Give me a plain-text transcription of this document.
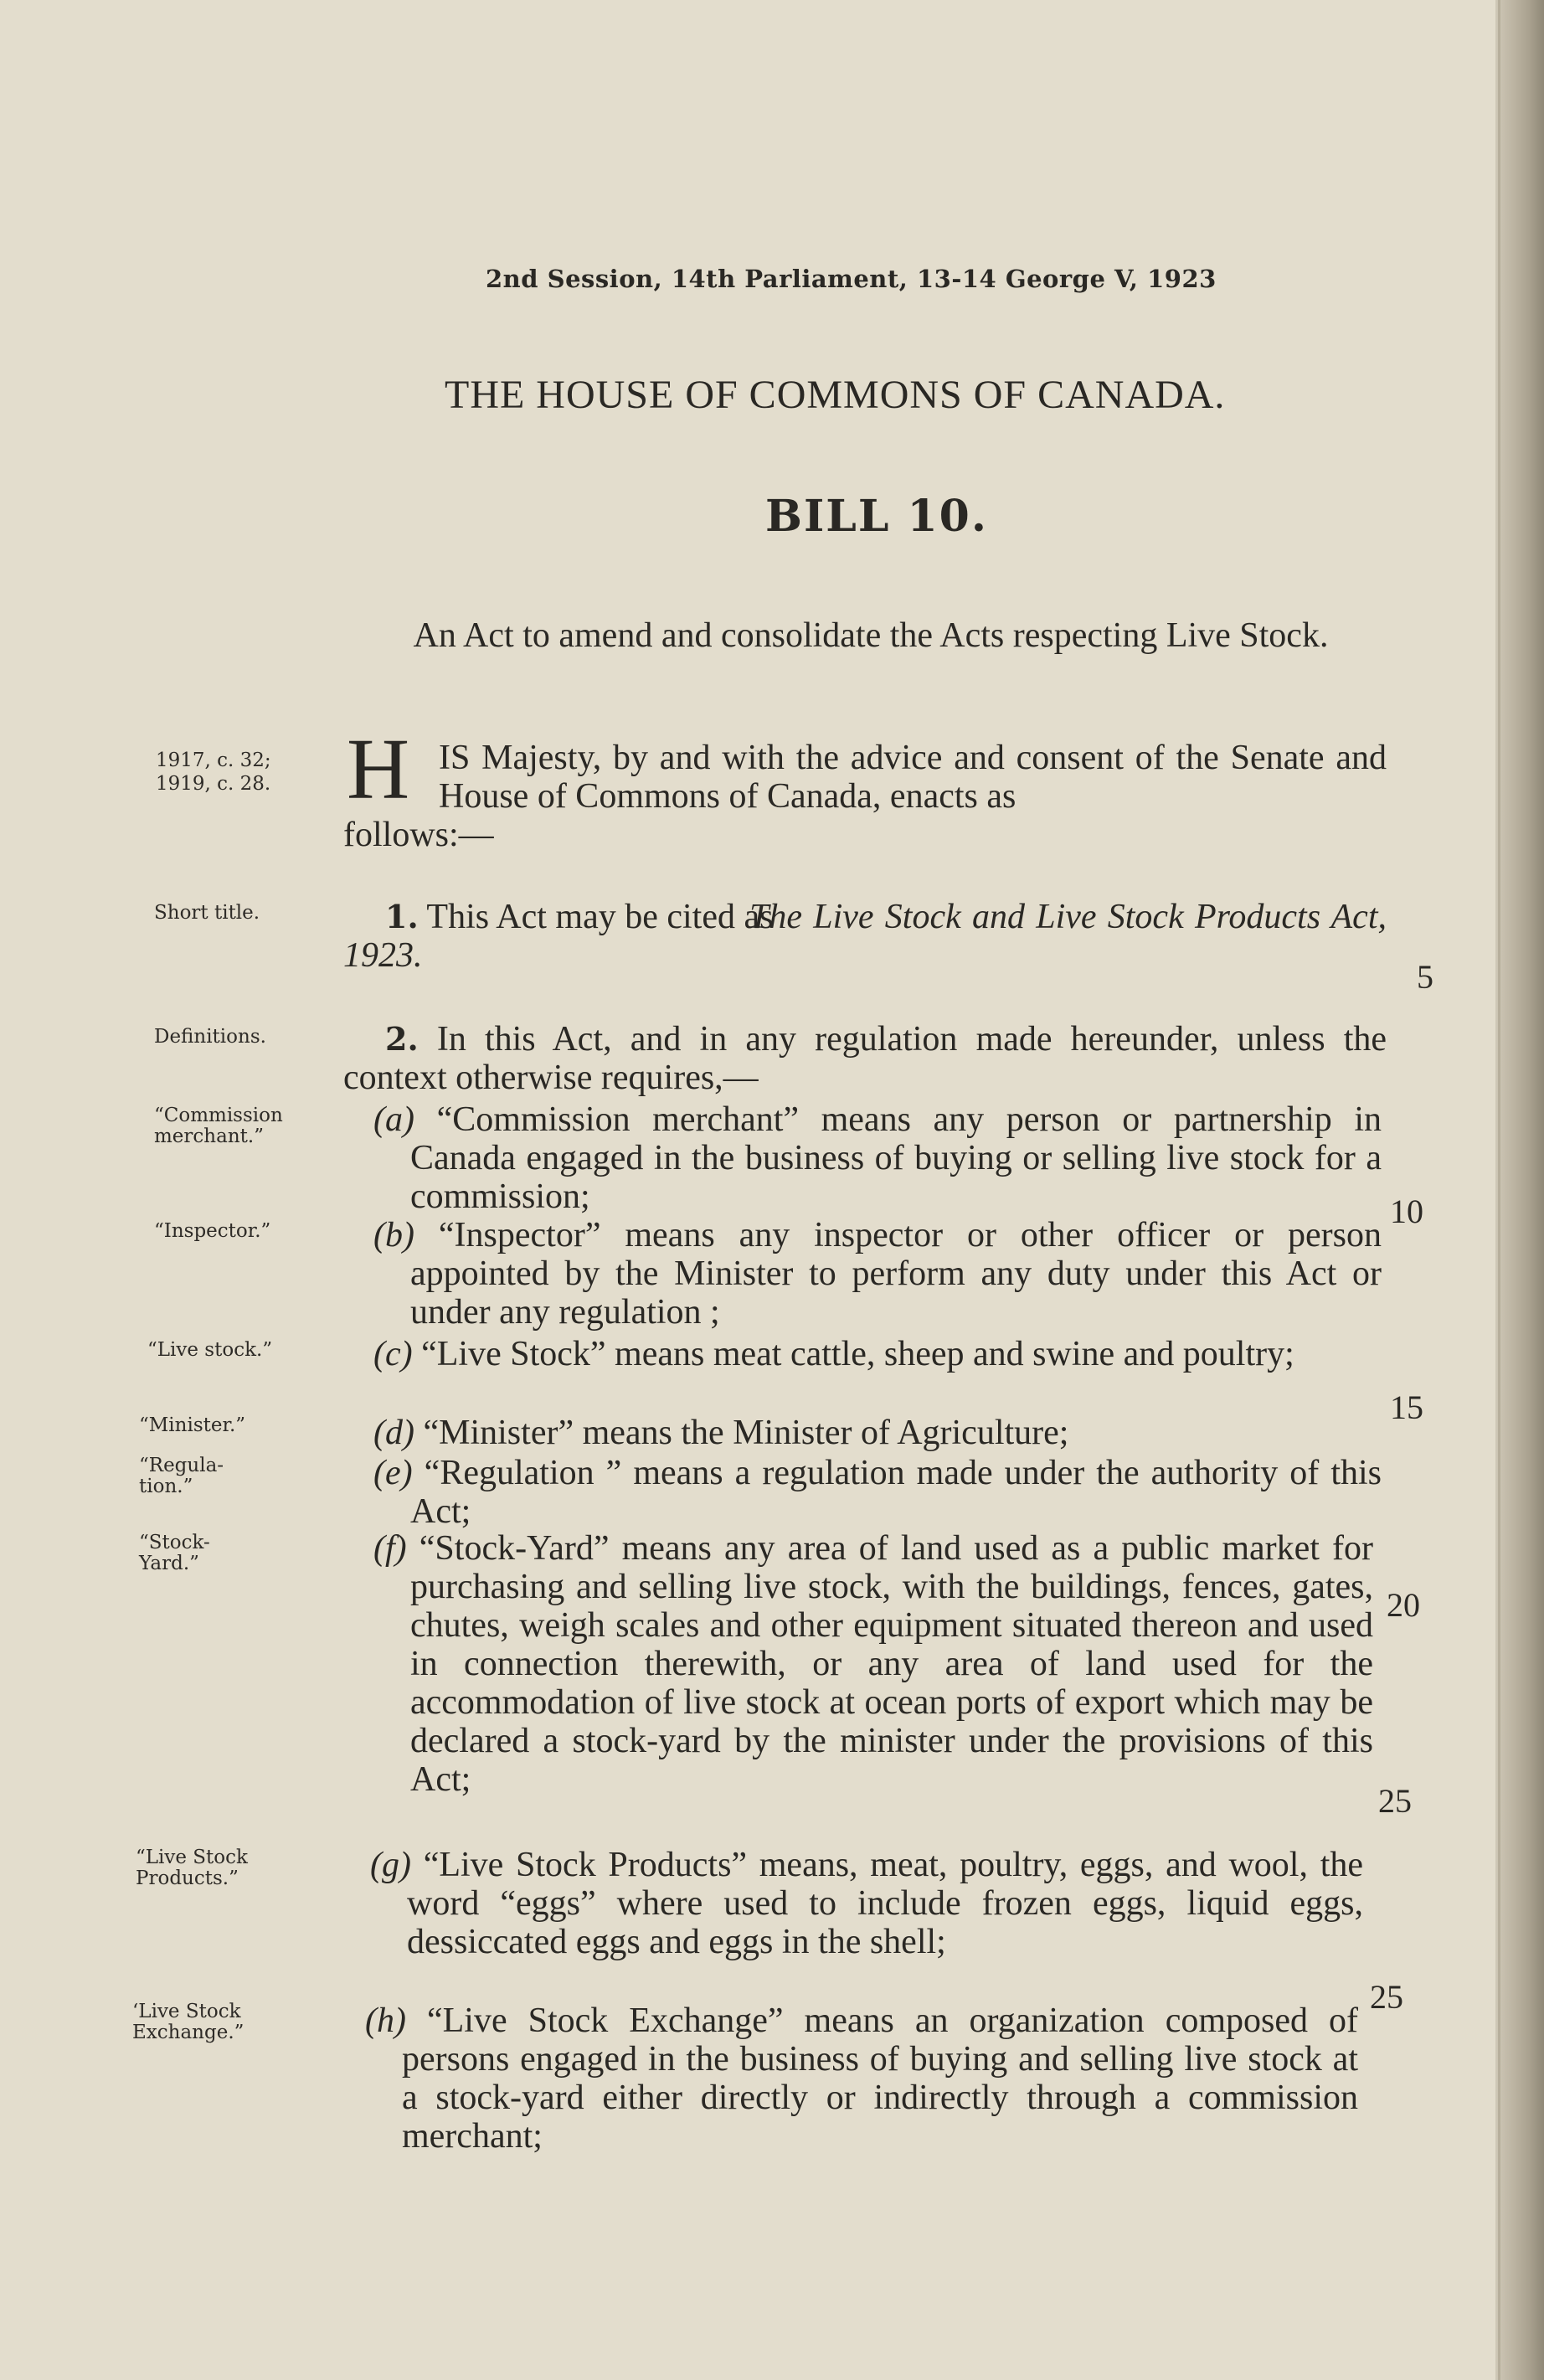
2nd Session, 14th Parliament, 13-14 George V, 1923
THE HOUSE OF COMMONS OF CANADA.
BILL 10.
An Act to amend and consolidate the Acts respecting Live Stock.
1917, c. 32;
1919, c. 28. H IS Majesty, by and with the advice and consent of the Senate and House of Commons of Canada, enacts as
follows:—
Short title.	1. This Act may be cited as
The Live Stock and Live Stock Products Act, 1923.
Definitions.	2. In this Act, and in any regulation made hereunder, unless the context otherwise requires,—
“Commission merchant.”	(a) “Commission merchant” means any person or partnership in Canada engaged in the business of buying or selling live stock for a commission;
“Inspector.”	(b) “Inspector” means any inspector or other officer or person appointed by the Minister to perform any duty under this Act or under any regulation ;
“Live stock.”	(c) “Live Stock” means meat cattle, sheep and swine and poultry;
“Minister.”	(d) “Minister” means the Minister of Agriculture;
“Regula-tion.”	(e) “Regulation ” means a regulation made under the authority of this Act;
“Stock-Yard.”	(f) “Stock-Yard” means any area of land used as a public market for purchasing and selling live stock, with the buildings, fences, gates, chutes, weigh scales and other equipment situated thereon and used in connection therewith, or any area of land used for the accommodation of live stock at ocean ports of export which may be declared a stock-yard by the minister under the provisions of this Act;
“Live Stock Products.”	(g) “Live Stock Products” means, meat, poultry, eggs, and wool, the word “eggs” where used to include frozen eggs, liquid eggs, dessiccated eggs and eggs in the shell;
‘Live Stock Exchange.”	(h) “Live Stock Exchange” means an organization composed of persons engaged in the business of buying and selling live stock at a stock-yard either directly or indirectly through a commission merchant;
5
10
15
20
25
25
